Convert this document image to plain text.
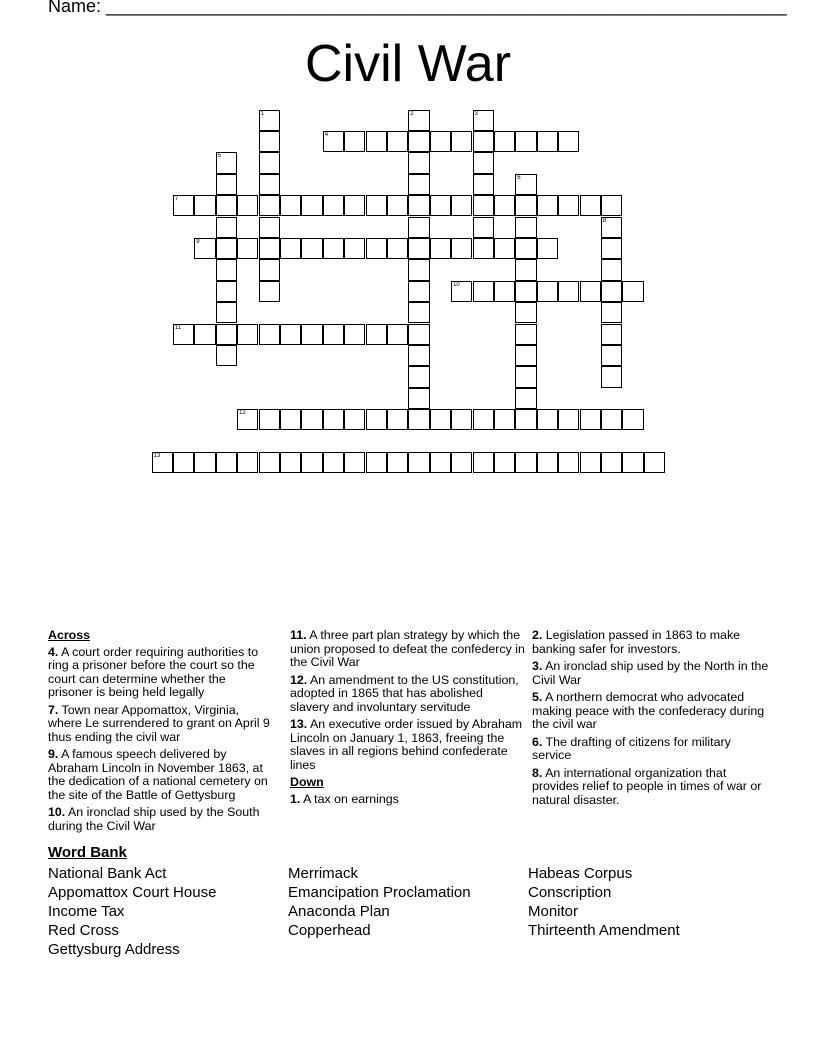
Name: ____________________________________________________________________
Civil War
1	2	3
4
5
6
7
8
9
10
11
12
13
Across
4. A court order requiring authorities to ring a prisoner before the court so the court can determine whether the prisoner is being held legally
7. Town near Appomattox, Virginia, where Le surrendered to grant on April 9 thus ending the civil war
9. A famous speech delivered by Abraham Lincoln in November 1863, at the dedication of a national cemetery on the site of the Battle of Gettysburg
10. An ironclad ship used by the South during the Civil War
11. A three part plan strategy by which the union proposed to defeat the confedercy in the Civil War
12. An amendment to the US constitution, adopted in 1865 that has abolished slavery and involuntary servitude
13. An executive order issued by Abraham Lincoln on January 1, 1863, freeing the slaves in all regions behind confederate lines
Down
1. A tax on earnings
2. Legislation passed in 1863 to make banking safer for investors.
3. An ironclad ship used by the North in the Civil War
5. A northern democrat who advocated making peace with the confederacy during the civil war
6. The drafting of citizens for military service
8. An international organization that provides relief to people in times of war or natural disaster.
Word Bank
National Bank Act
Appomattox Court House
Income Tax
Red Cross
Gettysburg Address
Merrimack
Emancipation Proclamation
Anaconda Plan
Copperhead
Habeas Corpus
Conscription
Monitor
Thirteenth Amendment
